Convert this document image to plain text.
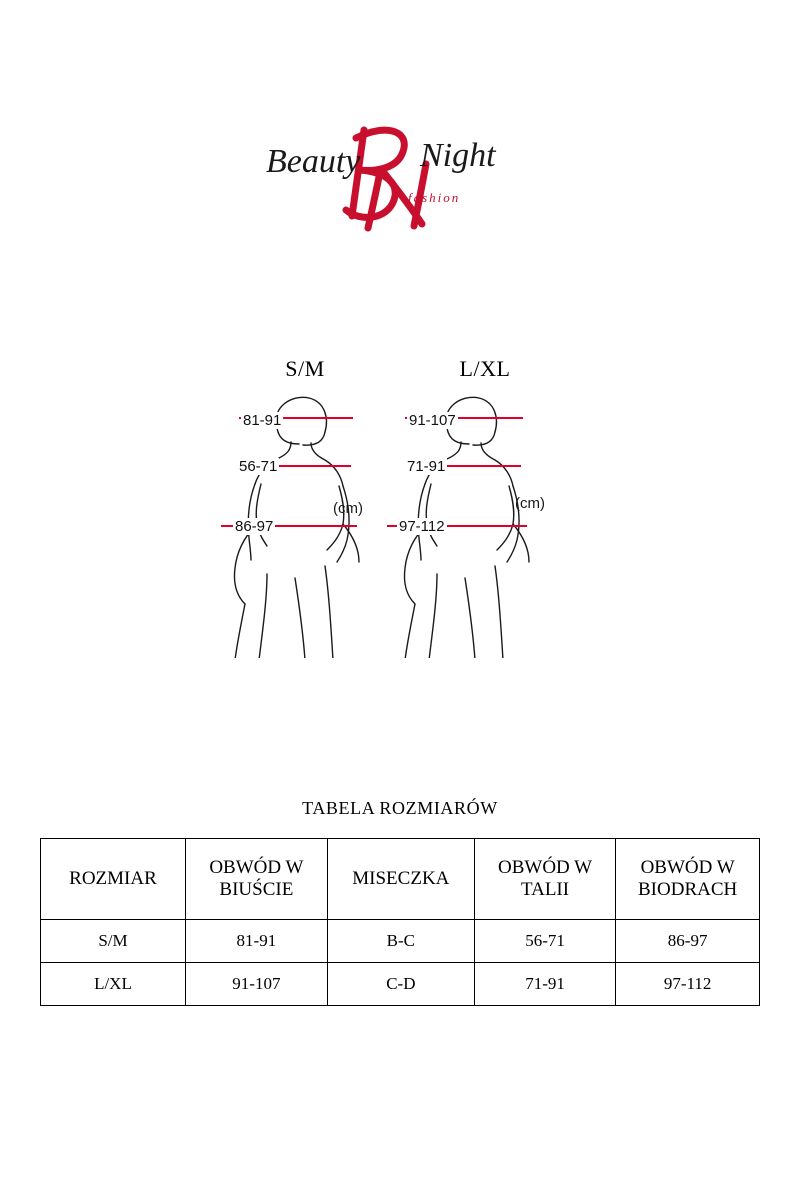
Beauty Night
fashion
S/M
81-91
56-71
86-97
(cm)
L/XL
91-107
71-91
97-112
(cm)
TABELA ROZMIARÓW
ROZMIAR	OBWÓD W BIUŚCIE	MISECZKA	OBWÓD W TALII	OBWÓD W BIODRACH
S/M	81-91	B-C	56-71	86-97
L/XL	91-107	C-D	71-91	97-112
